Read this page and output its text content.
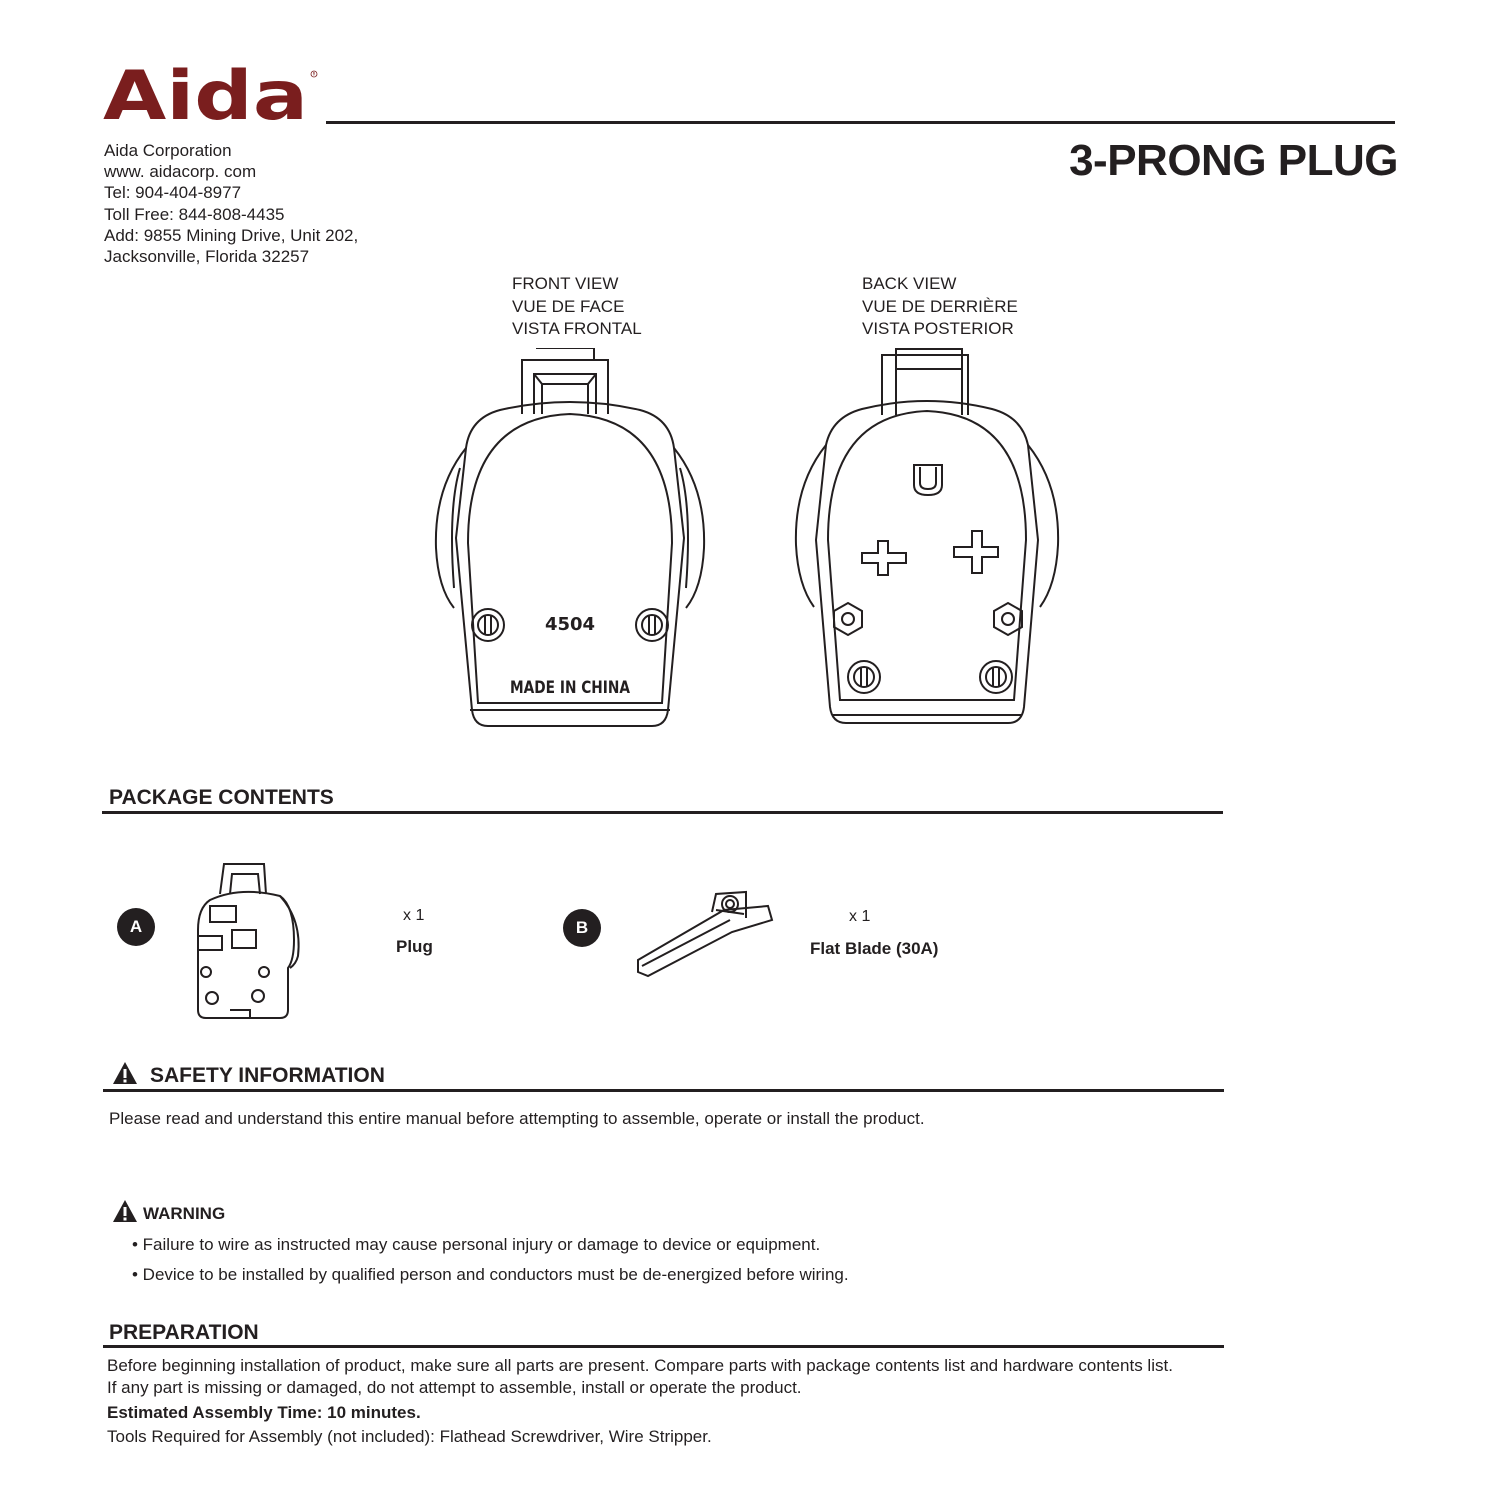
Aida R
3-PRONG PLUG
Aida Corporation
www. aidacorp. com
Tel: 904-404-8977
Toll Free: 844-808-4435
Add: 9855 Mining Drive, Unit 202,
Jacksonville, Florida 32257
FRONT VIEW
VUE DE FACE
VISTA FRONTAL
BACK VIEW
VUE DE DERRIÈRE
VISTA POSTERIOR
4504
MADE IN CHINA
PACKAGE CONTENTS
A
x 1
Plug
B
x 1
Flat Blade (30A)
SAFETY INFORMATION
Please read and understand this entire manual before attempting to assemble, operate or install the product.
WARNING
• Failure to wire as instructed may cause personal injury or damage to device or equipment.
• Device to be installed by qualified person and conductors must be de-energized before wiring.
PREPARATION
Before beginning installation of product, make sure all parts are present. Compare parts with package contents list and hardware contents list.
If any part is missing or damaged, do not attempt to assemble, install or operate the product.
Estimated Assembly Time: 10 minutes.
Tools Required for Assembly (not included): Flathead Screwdriver, Wire Stripper.
